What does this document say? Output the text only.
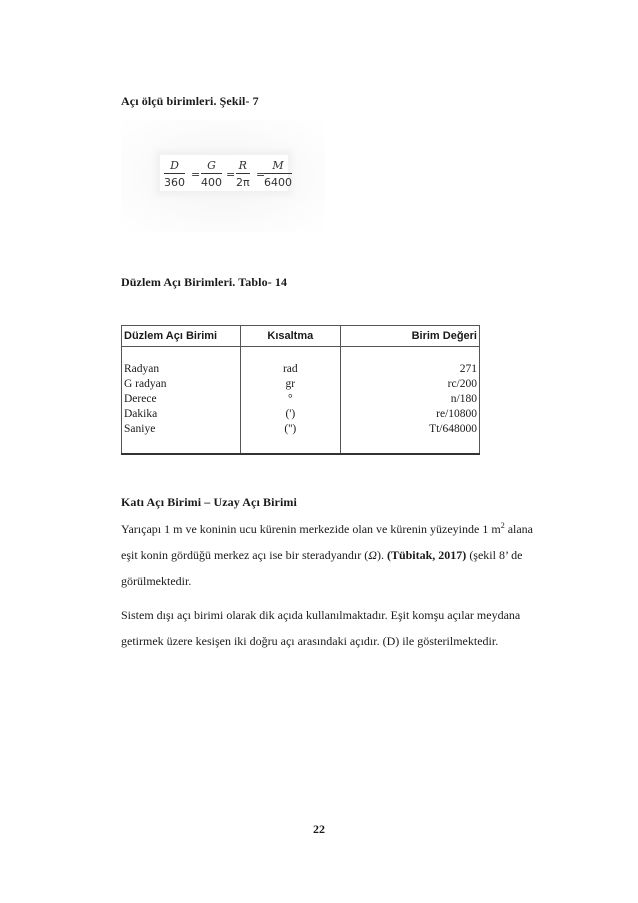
Açı ölçü birimleri. Şekil- 7
$\frac{D}{360} = \frac{G}{400} = \frac{R}{2\pi}$ =
$\frac{M}{6400}$
Düzlem Açı Birimleri. Tablo- 14
Düzlem Açı Birimi	Kısaltma	Birim Değeri

Radyan	rad	271
G radyan	gr	rc/200
Derece	°	n/180
Dakika	(')	re/10800
Saniye	('')	Tt/648000

Katı Açı Birimi – Uzay Açı Birimi
Yarıçapı 1 m ve koninin ucu kürenin merkezide olan ve kürenin yüzeyinde 1 $m^2$ alana eşit konin gördüğü merkez açı ise bir steradyandır (Ω). (Tübitak, 2017) (şekil 8’ de görülmektedir.
Sistem dışı açı birimi olarak dik açıda kullanılmaktadır. Eşit komşu açılar meydana getirmek üzere kesişen iki doğru açı arasındaki açıdır. (D) ile gösterilmektedir.
22
